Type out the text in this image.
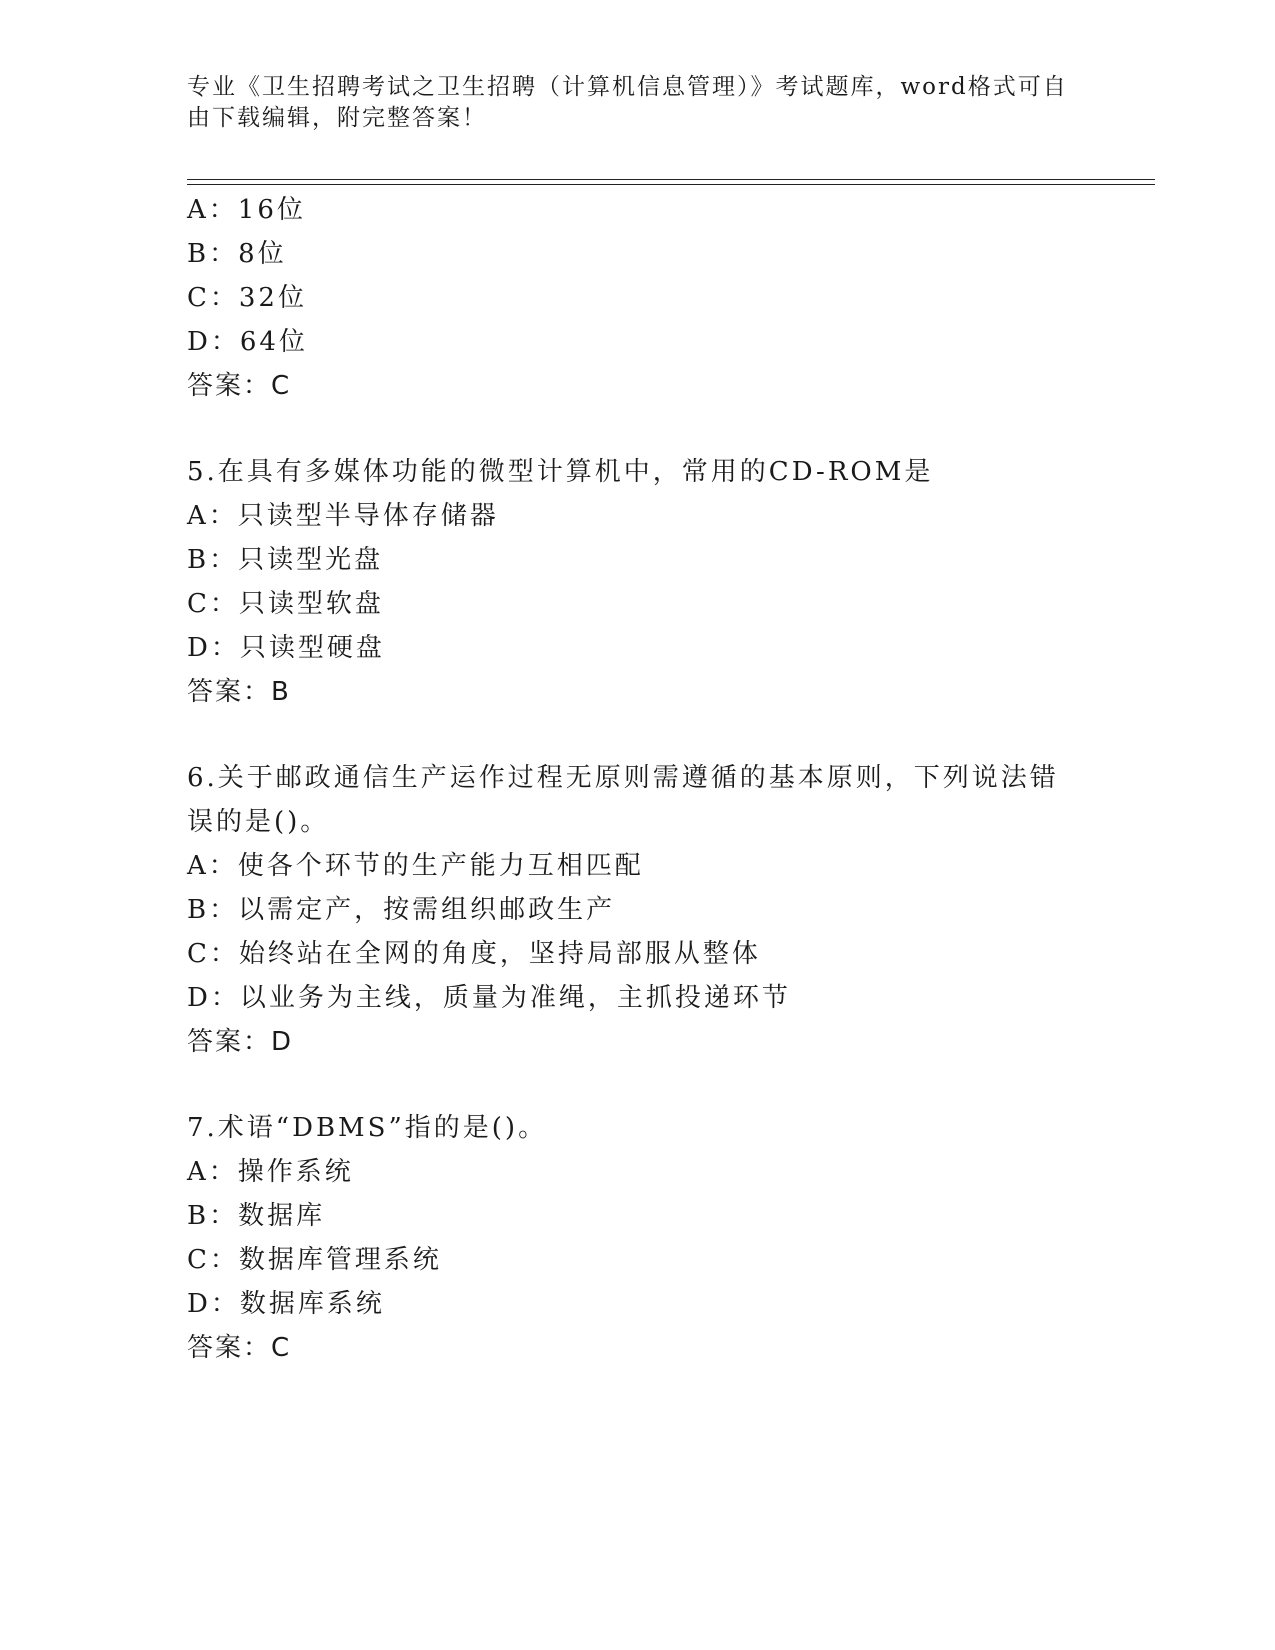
专业《卫生招聘考试之卫生招聘（计算机信息管理）》考试题库，word格式可自
由下载编辑，附完整答案！
A：16位
B：8位
C：32位
D：64位
答案：C
5.在具有多媒体功能的微型计算机中，常用的CD-ROM是
A：只读型半导体存储器
B：只读型光盘
C：只读型软盘
D：只读型硬盘
答案：B
6.关于邮政通信生产运作过程无原则需遵循的基本原则，下列说法错
误的是()。
A：使各个环节的生产能力互相匹配
B：以需定产，按需组织邮政生产
C：始终站在全网的角度，坚持局部服从整体
D：以业务为主线，质量为准绳，主抓投递环节
答案：D
7.术语“DBMS”指的是()。
A：操作系统
B：数据库
C：数据库管理系统
D：数据库系统
答案：C
